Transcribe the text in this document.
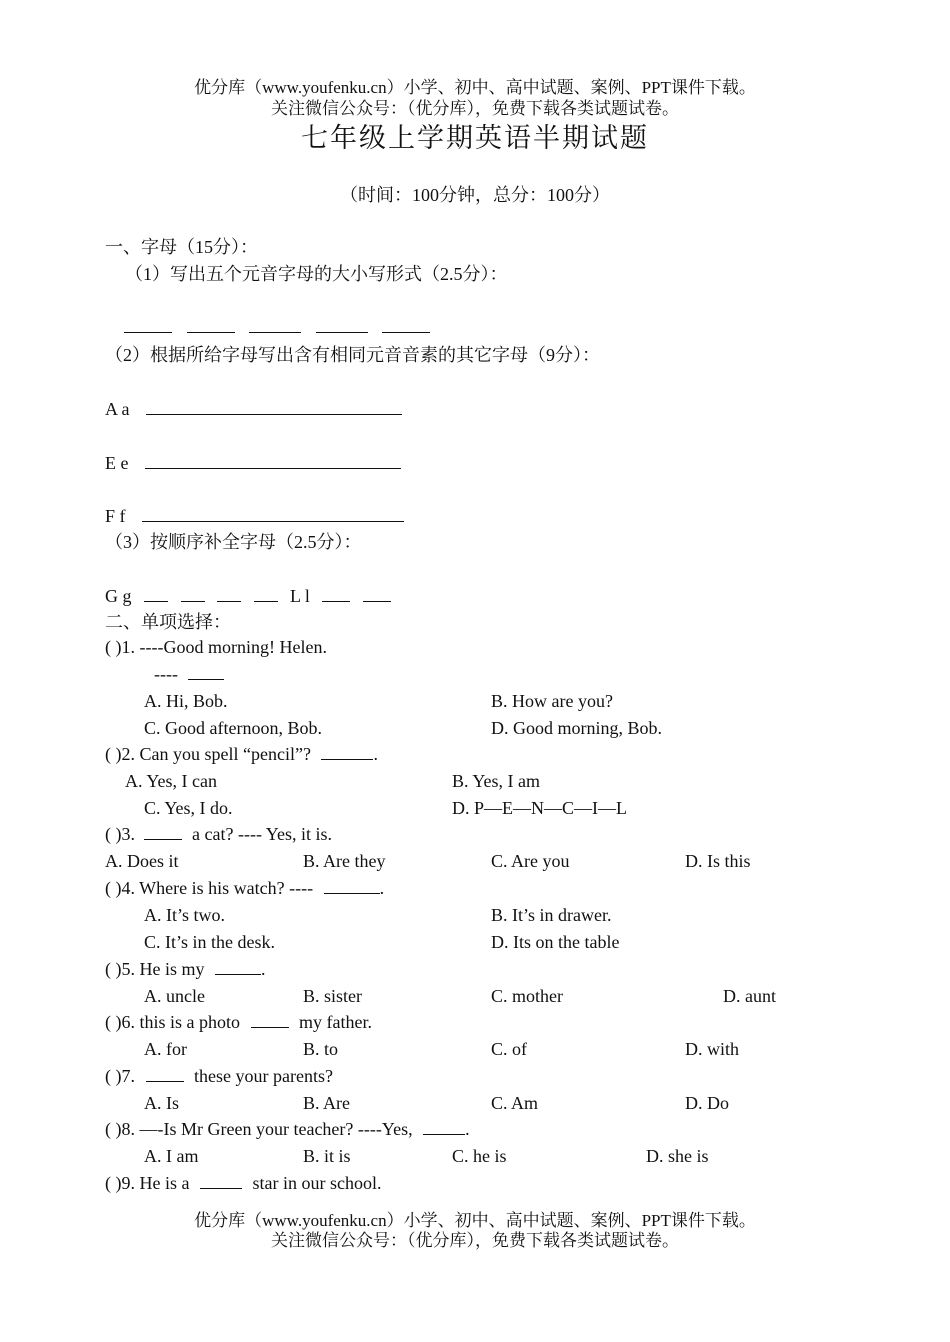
优分库（www.youfenku.cn）小学、初中、高中试题、案例、PPT课件下载。
关注微信公众号：（优分库），免费下载各类试题试卷。
七年级上学期英语半期试题
（时间：100分钟，总分：100分）
一、字母（15分）：
（1）写出五个元音字母的大小写形式（2.5分）：

（2）根据所给字母写出含有相同元音音素的其它字母（9分）：
A a
E e
F f
（3）按顺序补全字母（2.5分）：
G g	L l
二、单项选择：
( )1. ----Good morning! Helen.
----
A. Hi, Bob.	B. How are you?
C. Good afternoon, Bob.	D. Good morning, Bob.
( )2. Can you spell “pencil”?	.
A. Yes, I can	B. Yes, I am
C. Yes, I do.	D. P—E—N—C—I—L
( )3.	a cat? ---- Yes, it is.
A. Does it	B. Are they	C. Are you	D. Is this
( )4. Where is his watch? ----	.
A. It’s two.	B. It’s in drawer.
C. It’s in the desk.	D. Its on the table
( )5. He is my	.
A. uncle	B. sister	C. mother	D. aunt
( )6. this is a photo	my father.
A. for	B. to	C. of	D. with
( )7.	these your parents?
A. Is	B. Are	C. Am	D. Do
( )8. —-Is Mr Green your teacher? ----Yes,	.
A. I am	B. it is	C. he is	D. she is
( )9. He is a	star in our school.
优分库（www.youfenku.cn）小学、初中、高中试题、案例、PPT课件下载。
关注微信公众号：（优分库），免费下载各类试题试卷。
